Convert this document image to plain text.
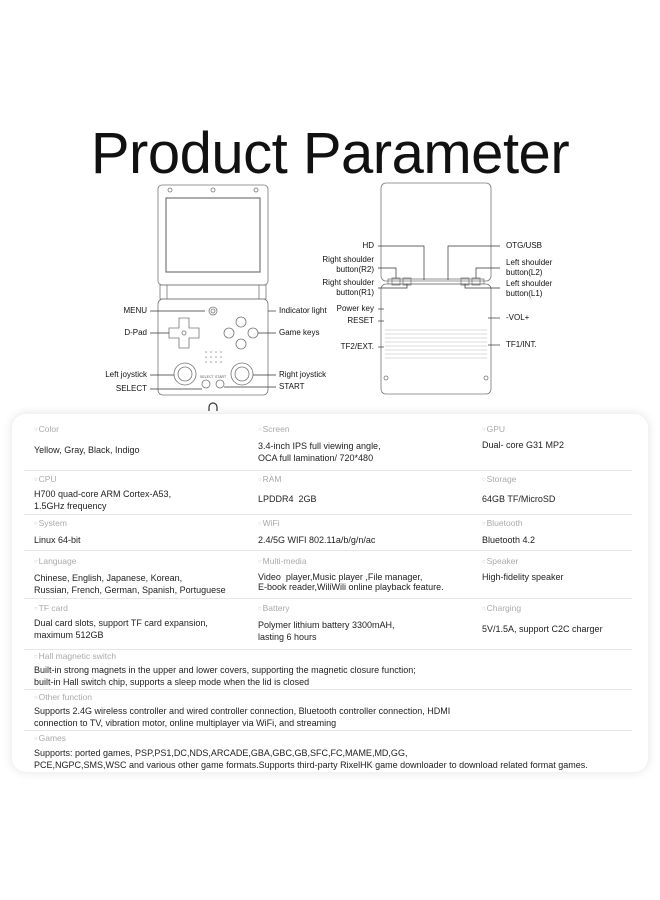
Product Parameter
SELECT START
MENU	Indicator light
D-Pad	Game keys
Left joystick	Right joystick
SELECT	START
HD	OTG/USB
Right shoulder
button(R2)
Left shoulder
button(L2)
Right shoulder
button(R1)
Left shoulder
button(L1)
Power key
-VOL+
RESET
TF2/EXT.	TF1/INT.
○ Color
Yellow, Gray, Black, Indigo
○ Screen
3.4-inch IPS full viewing angle,
OCA full lamination/ 720*480
○ GPU
Dual- core G31 MP2
○ CPU
H700 quad-core ARM Cortex-A53,
1.5GHz frequency
○ RAM
LPDDR4  2GB
○ Storage
64GB TF/MicroSD
○ System
Linux 64-bit
○ WiFi
2.4/5G WIFI 802.11a/b/g/n/ac
○ Bluetooth
Bluetooth 4.2
○ Language
Chinese, English, Japanese, Korean,
Russian, French, German, Spanish, Portuguese
○ Multi-media
Video  player,Music player ,File manager,
E-book reader,WiliWili online playback feature.
○ Speaker
High-fidelity speaker
○ TF card
Dual card slots, support TF card expansion,
maximum 512GB
○ Battery
Polymer lithium battery 3300mAH,
lasting 6 hours
○ Charging
5V/1.5A, support C2C charger
○ Hall magnetic switch
Built-in strong magnets in the upper and lower covers, supporting the magnetic closure function;
built-in Hall switch chip, supports a sleep mode when the lid is closed
○ Other function
Supports 2.4G wireless controller and wired controller connection, Bluetooth controller connection, HDMI
connection to TV, vibration motor, online multiplayer via WiFi, and streaming
○ Games
Supports: ported games, PSP,PS1,DC,NDS,ARCADE,GBA,GBC,GB,SFC,FC,MAME,MD,GG,
PCE,NGPC,SMS,WSC and various other game formats.Supports third-party RixelHK game downloader to download related format games.
